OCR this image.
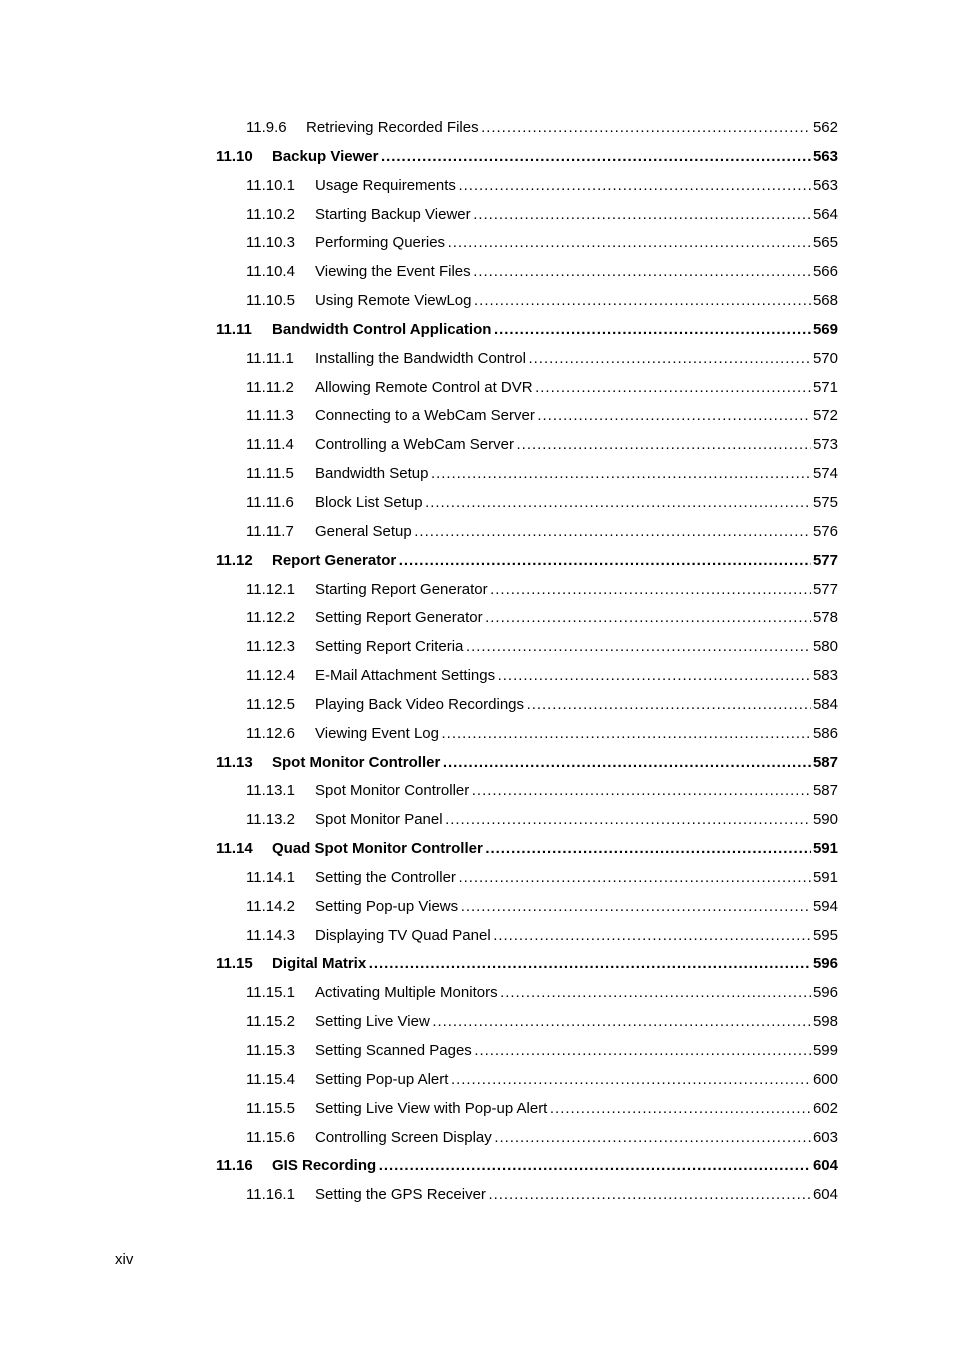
11.9.6 Retrieving Recorded Files . . .	562
11.10 Backup Viewer . . .	563
11.10.1 Usage Requirements . . .	563
11.10.2 Starting Backup Viewer . . .	564
11.10.3 Performing Queries . . .	565
11.10.4 Viewing the Event Files . . .	566
11.10.5 Using Remote ViewLog . . .	568
11.11 Bandwidth Control Application . . .	569
11.11.1 Installing the Bandwidth Control . . .	570
11.11.2 Allowing Remote Control at DVR . . .	571
11.11.3 Connecting to a WebCam Server . . .	572
11.11.4 Controlling a WebCam Server . . .	573
11.11.5 Bandwidth Setup . . .	574
11.11.6 Block List Setup . . .	575
11.11.7 General Setup . . .	576
11.12 Report Generator . . .	577
11.12.1 Starting Report Generator . . .	577
11.12.2 Setting Report Generator . . .	578
11.12.3 Setting Report Criteria . . .	580
11.12.4 E-Mail Attachment Settings . . .	583
11.12.5 Playing Back Video Recordings . . .	584
11.12.6 Viewing Event Log . . .	586
11.13 Spot Monitor Controller . . .	587
11.13.1 Spot Monitor Controller . . .	587
11.13.2 Spot Monitor Panel . . .	590
11.14 Quad Spot Monitor Controller . . .	591
11.14.1 Setting the Controller . . .	591
11.14.2 Setting Pop-up Views . . .	594
11.14.3 Displaying TV Quad Panel . . .	595
11.15 Digital Matrix . . .	596
11.15.1 Activating Multiple Monitors . . .	596
11.15.2 Setting Live View . . .	598
11.15.3 Setting Scanned Pages . . .	599
11.15.4 Setting Pop-up Alert . . .	600
11.15.5 Setting Live View with Pop-up Alert . . .	602
11.15.6 Controlling Screen Display . . .	603
11.16 GIS Recording . . .	604
11.16.1 Setting the GPS Receiver . . .	604
xiv
